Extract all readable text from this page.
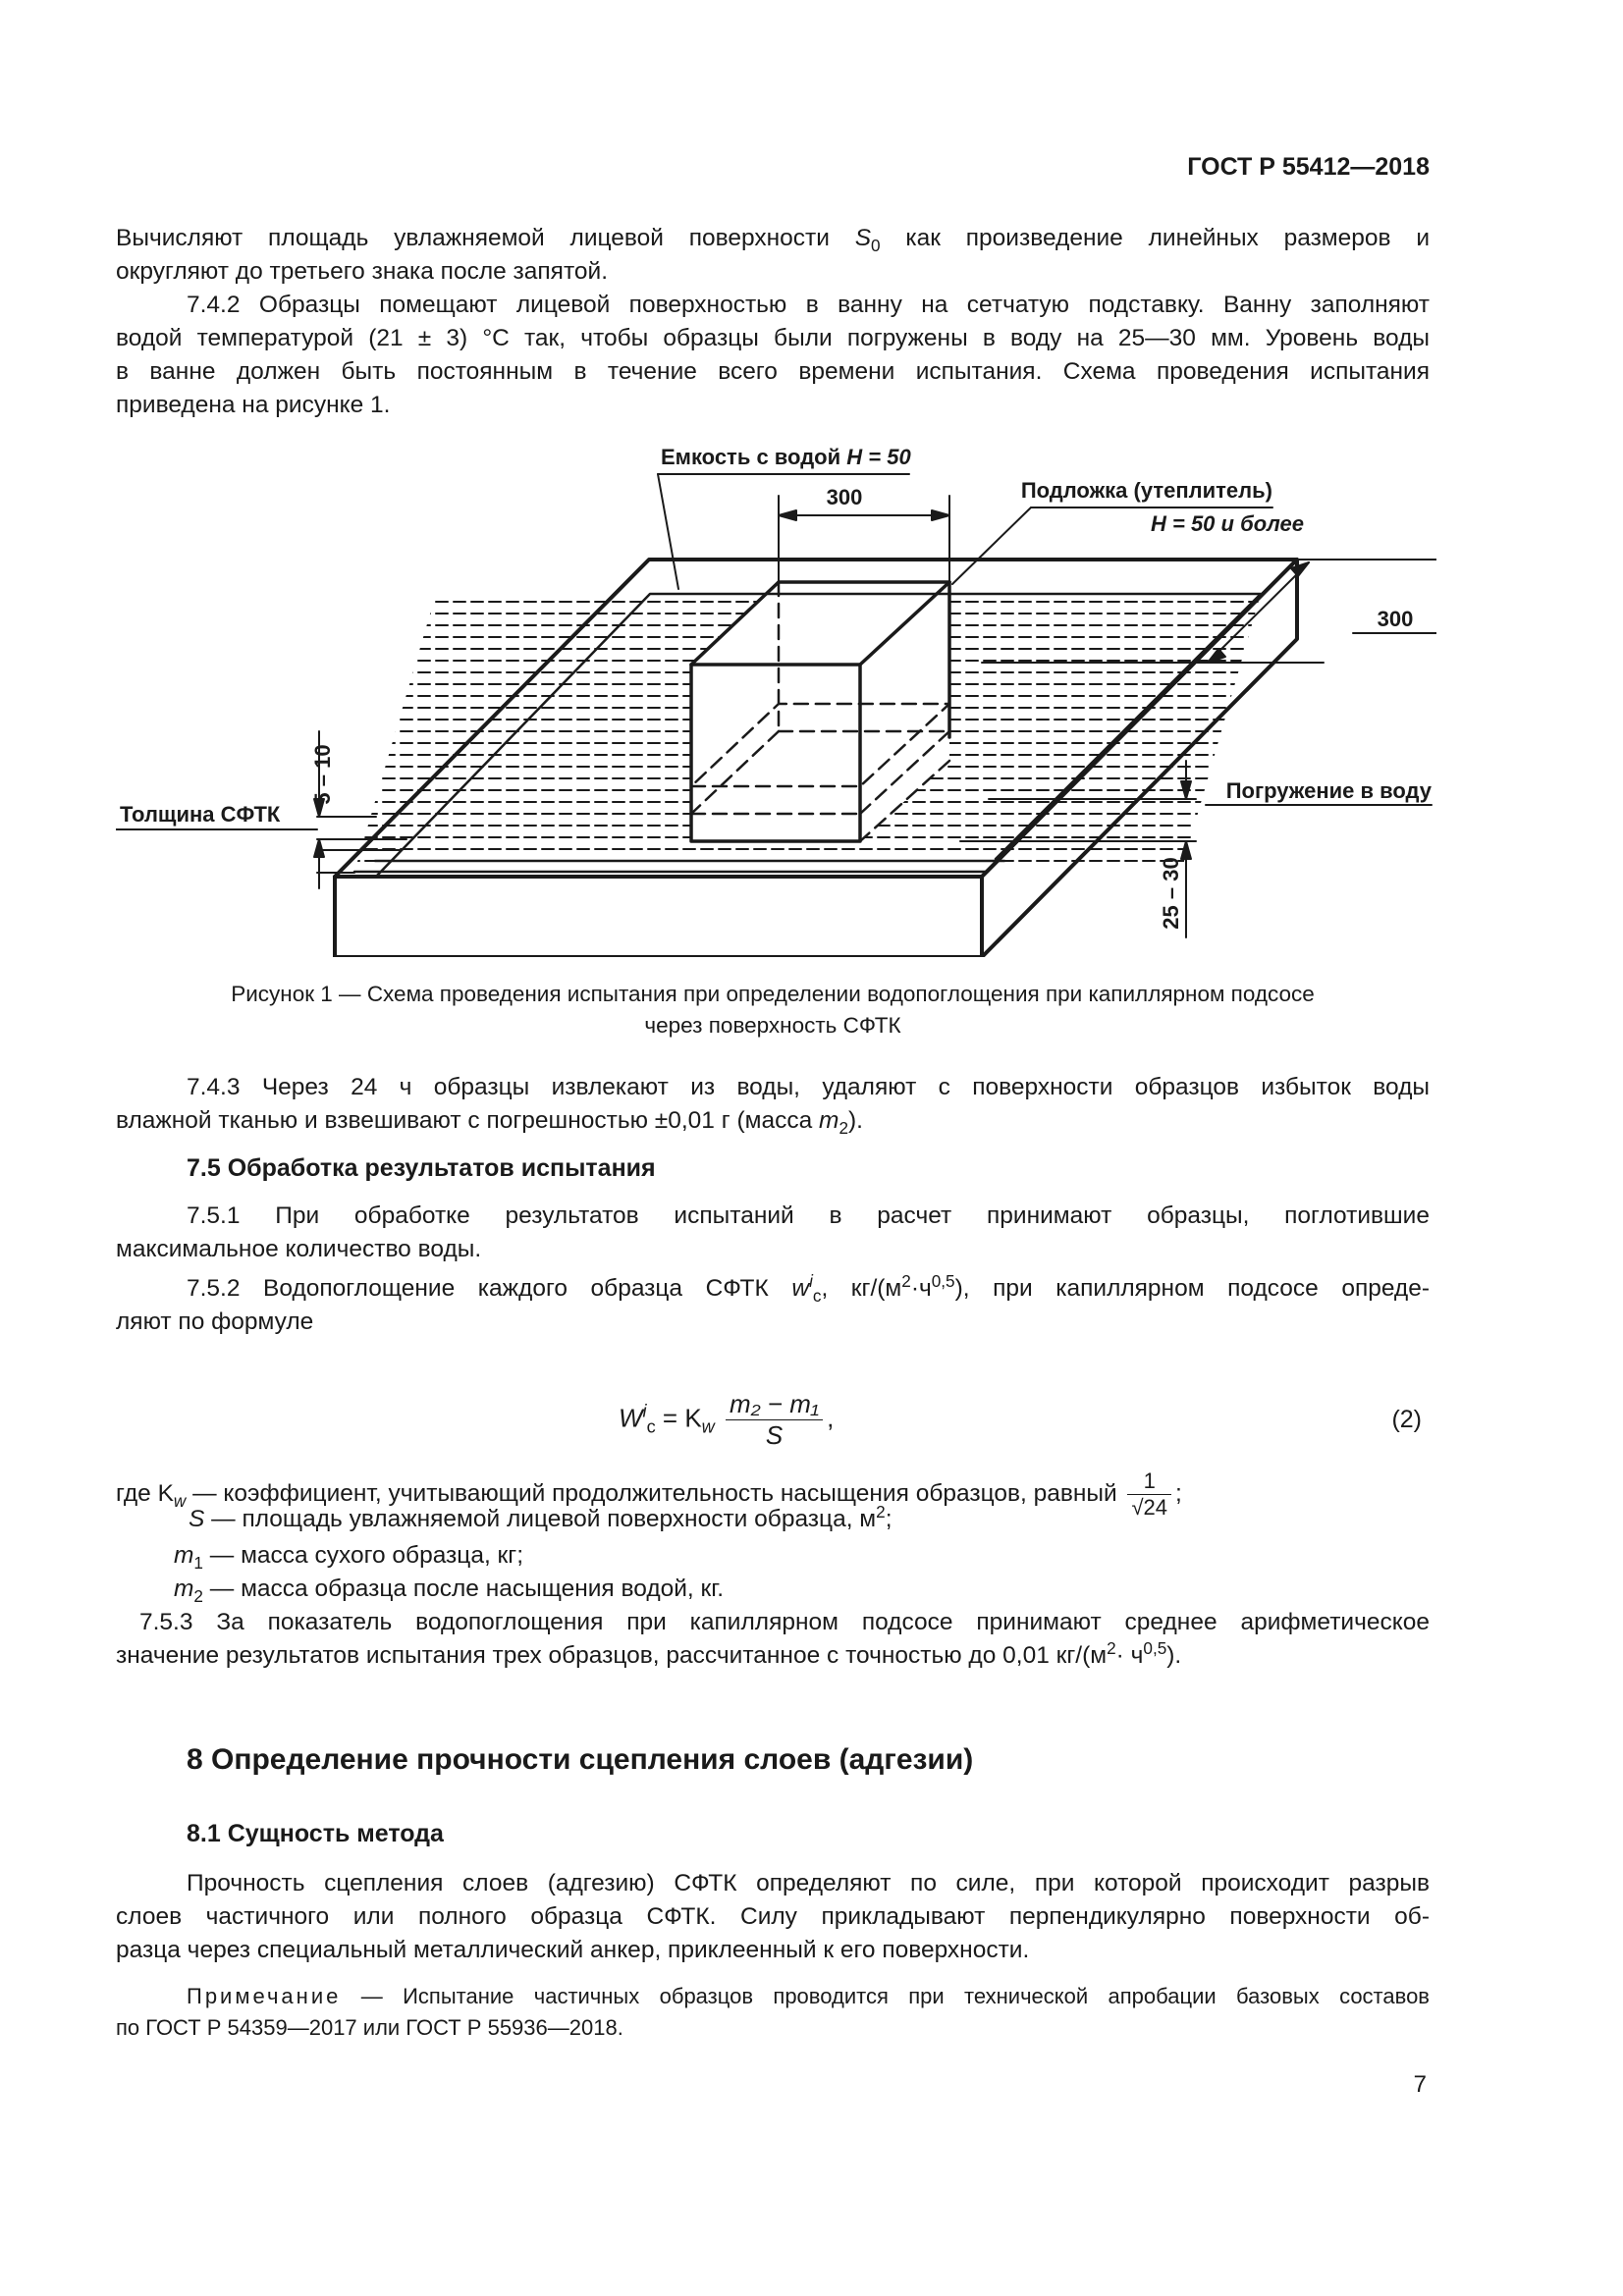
ГОСТ Р 55412—2018
Вычисляют площадь увлажняемой лицевой поверхности $S_0$ как произведение линейных размеров и
округляют до третьего знака после запятой.
7.4.2 Образцы помещают лицевой поверхностью в ванну на сетчатую подставку. Ванну заполняют
водой температурой (21 ± 3) °С так, чтобы образцы были погружены в воду на 25—30 мм. Уровень воды
в ванне должен быть постоянным в течение всего времени испытания. Схема проведения испытания
приведена на рисунке 1.
Емкость с водой H = 50
300	Подложка (утеплитель)
H = 50 и более
300
5 – 10
Толщина СФТК
Погружение в воду
25 – 30
Рисунок 1 — Схема проведения испытания при определении водопоглощения при капиллярном подсосе
через поверхность СФТК
7.4.3 Через 24 ч образцы извлекают из воды, удаляют с поверхности образцов избыток воды
влажной тканью и взвешивают с погрешностью ±0,01 г (масса $m_2$).
7.5 Обработка результатов испытания
7.5.1 При обработке результатов испытаний в расчет принимают образцы, поглотившие
максимальное количество воды.
7.5.2 Водопоглощение каждого образца СФТК $w^i_c$, $кг/(м^2\cdot ч^{0,5})$, при капиллярном подсосе опреде-
ляют по формуле
$W^i_c = K_w \frac{\text{m₂ − m₁}}{S}$ ,	(2)
где $K_w$ — коэффициент, учитывающий продолжительность насыщения образцов, равный $\frac{1}{√24}$ ;
S — площадь увлажняемой лицевой поверхности образца, $м^2$;
$m_1$ — масса сухого образца, кг;
$m_2$ — масса образца после насыщения водой, кг.
7.5.3 За показатель водопоглощения при капиллярном подсосе принимают среднее арифметическое
значение результатов испытания трех образцов, рассчитанное с точностью до 0,01 $кг/(м^2\cdot ч^{0,5})$.
8 Определение прочности сцепления слоев (адгезии)
8.1 Сущность метода
Прочность сцепления слоев (адгезию) СФТК определяют по силе, при которой происходит разрыв
слоев частичного или полного образца СФТК. Силу прикладывают перпендикулярно поверхности об-
разца через специальный металлический анкер, приклеенный к его поверхности.
Примечание — Испытание частичных образцов проводится при технической апробации базовых составов
по ГОСТ Р 54359—2017 или ГОСТ Р 55936—2018.
7
